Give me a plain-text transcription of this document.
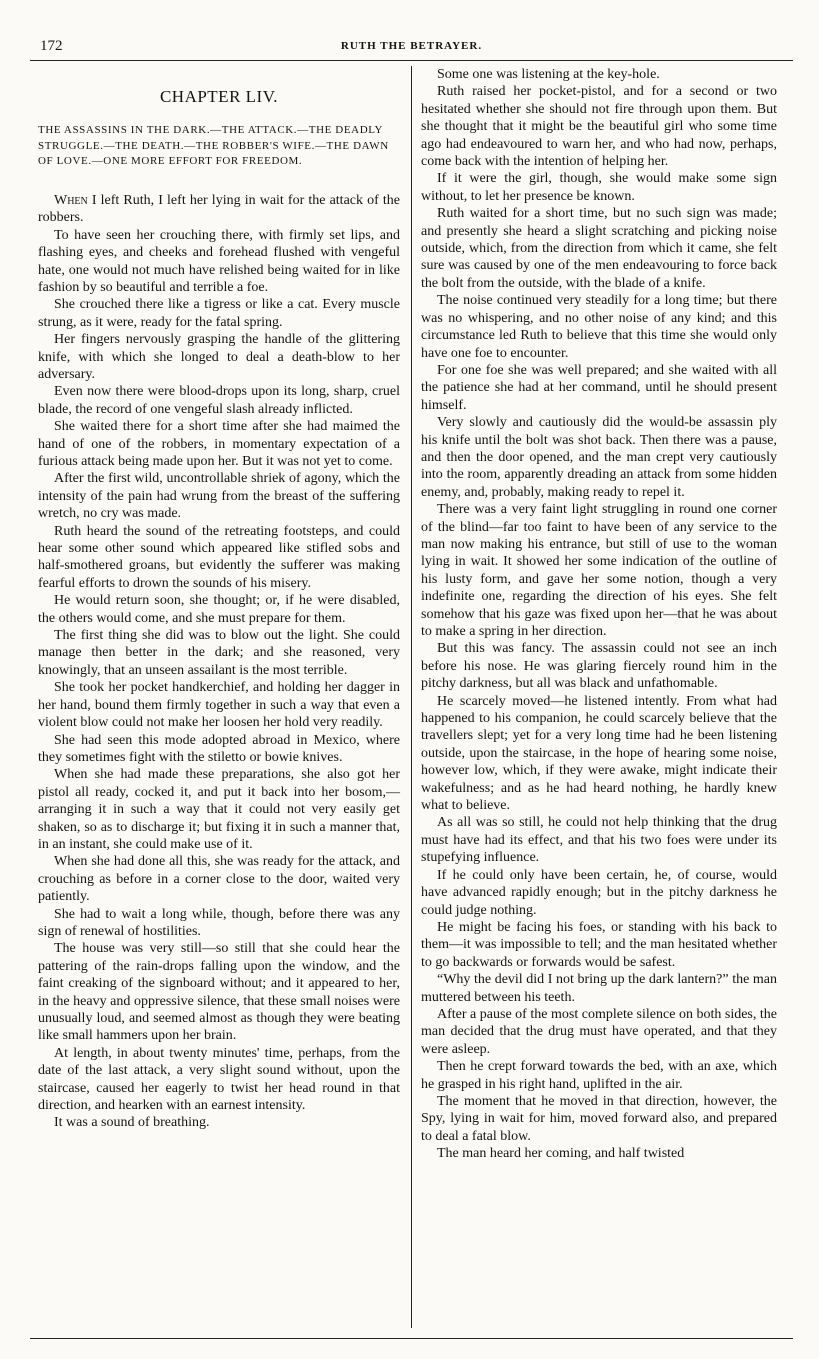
172	RUTH THE BETRAYER.
CHAPTER LIV.
THE ASSASSINS IN THE DARK.—THE ATTACK.—THE DEADLY STRUGGLE.—THE DEATH.—THE ROBBER'S WIFE.—THE DAWN OF LOVE.—ONE MORE EFFORT FOR FREEDOM.

When I left Ruth, I left her lying in wait for the attack of the robbers.

To have seen her crouching there, with firmly set lips, and flashing eyes, and cheeks and forehead flushed with vengeful hate, one would not much have relished being waited for in like fashion by so beautiful and terrible a foe.

She crouched there like a tigress or like a cat. Every muscle strung, as it were, ready for the fatal spring.

Her fingers nervously grasping the handle of the glittering knife, with which she longed to deal a death-blow to her adversary.

Even now there were blood-drops upon its long, sharp, cruel blade, the record of one vengeful slash already inflicted.

She waited there for a short time after she had maimed the hand of one of the robbers, in momentary expectation of a furious attack being made upon her. But it was not yet to come.

After the first wild, uncontrollable shriek of agony, which the intensity of the pain had wrung from the breast of the suffering wretch, no cry was made.

Ruth heard the sound of the retreating footsteps, and could hear some other sound which appeared like stifled sobs and half-smothered groans, but evidently the sufferer was making fearful efforts to drown the sounds of his misery.

He would return soon, she thought; or, if he were disabled, the others would come, and she must prepare for them.

The first thing she did was to blow out the light. She could manage then better in the dark; and she reasoned, very knowingly, that an unseen assailant is the most terrible.

She took her pocket handkerchief, and holding her dagger in her hand, bound them firmly together in such a way that even a violent blow could not make her loosen her hold very readily.

She had seen this mode adopted abroad in Mexico, where they sometimes fight with the stiletto or bowie knives.

When she had made these preparations, she also got her pistol all ready, cocked it, and put it back into her bosom,—arranging it in such a way that it could not very easily get shaken, so as to discharge it; but fixing it in such a manner that, in an instant, she could make use of it.

When she had done all this, she was ready for the attack, and crouching as before in a corner close to the door, waited very patiently.

She had to wait a long while, though, before there was any sign of renewal of hostilities.

The house was very still—so still that she could hear the pattering of the rain-drops falling upon the window, and the faint creaking of the signboard without; and it appeared to her, in the heavy and oppressive silence, that these small noises were unusually loud, and seemed almost as though they were beating like small hammers upon her brain.

At length, in about twenty minutes' time, perhaps, from the date of the last attack, a very slight sound without, upon the staircase, caused her eagerly to twist her head round in that direction, and hearken with an earnest intensity.

It was a sound of breathing.

Some one was listening at the key-hole.

Ruth raised her pocket-pistol, and for a second or two hesitated whether she should not fire through upon them. But she thought that it might be the beautiful girl who some time ago had endeavoured to warn her, and who had now, perhaps, come back with the intention of helping her.

If it were the girl, though, she would make some sign without, to let her presence be known.

Ruth waited for a short time, but no such sign was made; and presently she heard a slight scratching and picking noise outside, which, from the direction from which it came, she felt sure was caused by one of the men endeavouring to force back the bolt from the outside, with the blade of a knife.

The noise continued very steadily for a long time; but there was no whispering, and no other noise of any kind; and this circumstance led Ruth to believe that this time she would only have one foe to encounter.

For one foe she was well prepared; and she waited with all the patience she had at her command, until he should present himself.

Very slowly and cautiously did the would-be assassin ply his knife until the bolt was shot back. Then there was a pause, and then the door opened, and the man crept very cautiously into the room, apparently dreading an attack from some hidden enemy, and, probably, making ready to repel it.

There was a very faint light struggling in round one corner of the blind—far too faint to have been of any service to the man now making his entrance, but still of use to the woman lying in wait. It showed her some indication of the outline of his lusty form, and gave her some notion, though a very indefinite one, regarding the direction of his eyes. She felt somehow that his gaze was fixed upon her—that he was about to make a spring in her direction.

But this was fancy. The assassin could not see an inch before his nose. He was glaring fiercely round him in the pitchy darkness, but all was black and unfathomable.

He scarcely moved—he listened intently. From what had happened to his companion, he could scarcely believe that the travellers slept; yet for a very long time had he been listening outside, upon the staircase, in the hope of hearing some noise, however low, which, if they were awake, might indicate their wakefulness; and as he had heard nothing, he hardly knew what to believe.

As all was so still, he could not help thinking that the drug must have had its effect, and that his two foes were under its stupefying influence.

If he could only have been certain, he, of course, would have advanced rapidly enough; but in the pitchy darkness he could judge nothing.

He might be facing his foes, or standing with his back to them—it was impossible to tell; and the man hesitated whether to go backwards or forwards would be safest.

“Why the devil did I not bring up the dark lantern?” the man muttered between his teeth.

After a pause of the most complete silence on both sides, the man decided that the drug must have operated, and that they were asleep.

Then he crept forward towards the bed, with an axe, which he grasped in his right hand, uplifted in the air.

The moment that he moved in that direction, however, the Spy, lying in wait for him, moved forward also, and prepared to deal a fatal blow.

The man heard her coming, and half twisted
